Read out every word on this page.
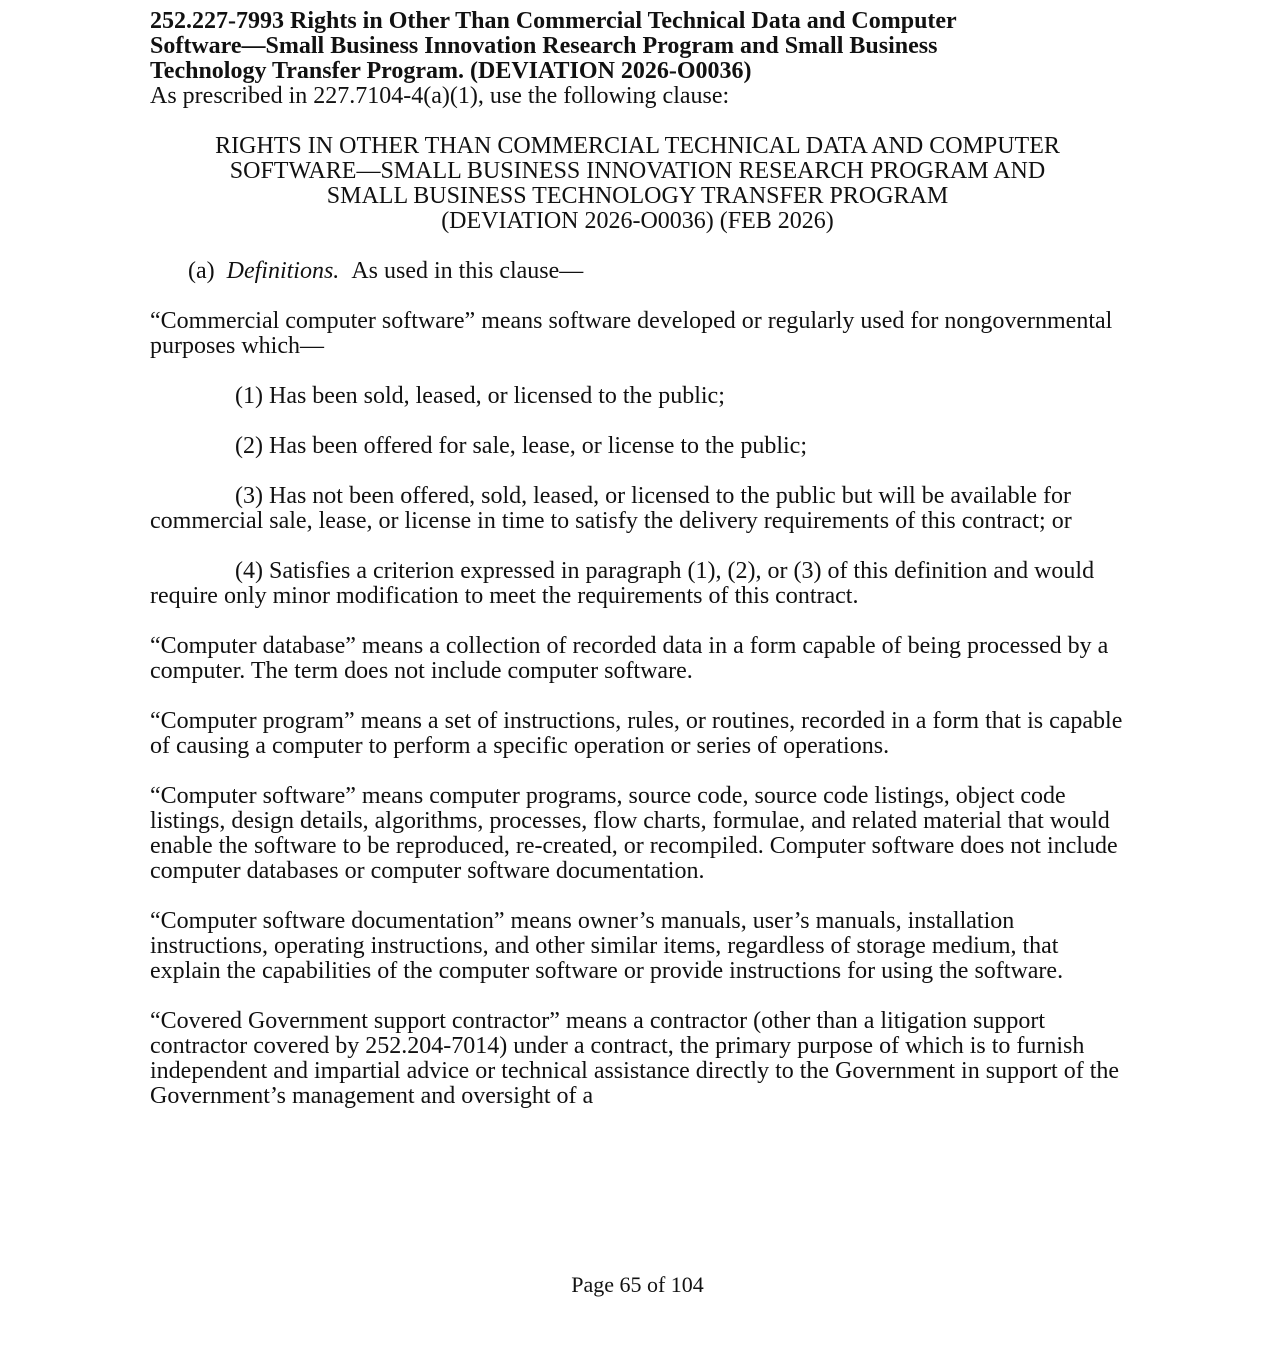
252.227-7993 Rights in Other Than Commercial Technical Data and Computer
Software—Small Business Innovation Research Program and Small Business
Technology Transfer Program. (DEVIATION 2026-O0036)

As prescribed in 227.7104-4(a)(1), use the following clause:

RIGHTS IN OTHER THAN COMMERCIAL TECHNICAL DATA AND COMPUTER
SOFTWARE—SMALL BUSINESS INNOVATION RESEARCH PROGRAM AND
SMALL BUSINESS TECHNOLOGY TRANSFER PROGRAM
(DEVIATION 2026-O0036) (FEB 2026)

(a) Definitions. As used in this clause—

“Commercial computer software” means software developed or regularly used for nongovernmental purposes which—

(1) Has been sold, leased, or licensed to the public;

(2) Has been offered for sale, lease, or license to the public;

(3) Has not been offered, sold, leased, or licensed to the public but will be available for commercial sale, lease, or license in time to satisfy the delivery requirements of this contract; or

(4) Satisfies a criterion expressed in paragraph (1), (2), or (3) of this definition and would require only minor modification to meet the requirements of this contract.

“Computer database” means a collection of recorded data in a form capable of being processed by a computer. The term does not include computer software.

“Computer program” means a set of instructions, rules, or routines, recorded in a form that is capable of causing a computer to perform a specific operation or series of operations.

“Computer software” means computer programs, source code, source code listings, object code listings, design details, algorithms, processes, flow charts, formulae, and related material that would enable the software to be reproduced, re-created, or recompiled. Computer software does not include computer databases or computer software documentation.

“Computer software documentation” means owner’s manuals, user’s manuals, installation instructions, operating instructions, and other similar items, regardless of storage medium, that explain the capabilities of the computer software or provide instructions for using the software.

“Covered Government support contractor” means a contractor (other than a litigation support contractor covered by 252.204-7014) under a contract, the primary purpose of which is to furnish independent and impartial advice or technical assistance directly to the Government in support of the Government’s management and oversight of a

Page 65 of 104
